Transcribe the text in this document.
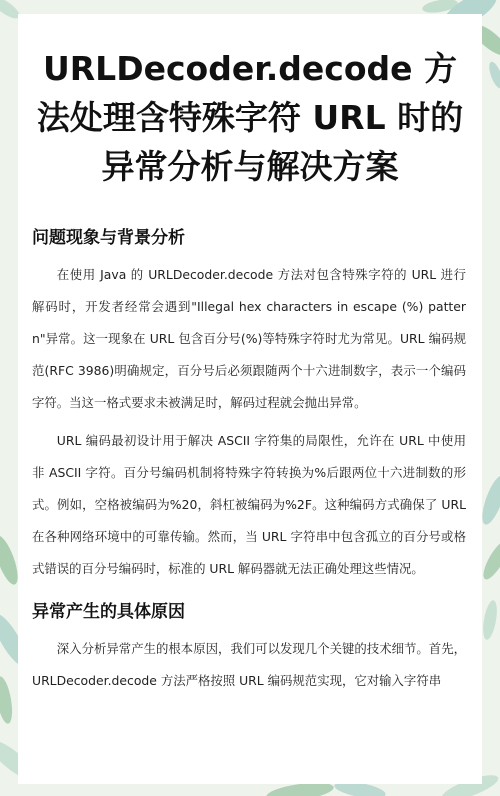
URLDecoder.decode 方法处理含特殊字符 URL 时的异常分析与解决方案
问题现象与背景分析

在使用 Java 的 URLDecoder.decode 方法对包含特殊字符的 URL 进行解码时，开发者经常会遇到"Illegal hex characters in escape (%) pattern"异常。这一现象在 URL 包含百分号(%)等特殊字符时尤为常见。URL 编码规范(RFC 3986)明确规定，百分号后必须跟随两个十六进制数字，表示一个编码字符。当这一格式要求未被满足时，解码过程就会抛出异常。

URL 编码最初设计用于解决 ASCII 字符集的局限性，允许在 URL 中使用非 ASCII 字符。百分号编码机制将特殊字符转换为%后跟两位十六进制数的形式。例如，空格被编码为%20，斜杠被编码为%2F。这种编码方式确保了 URL 在各种网络环境中的可靠传输。然而，当 URL 字符串中包含孤立的百分号或格式错误的百分号编码时，标准的 URL 解码器就无法正确处理这些情况。

异常产生的具体原因

深入分析异常产生的根本原因，我们可以发现几个关键的技术细节。首先，URLDecoder.decode 方法严格按照 URL 编码规范实现，它对输入字符串
